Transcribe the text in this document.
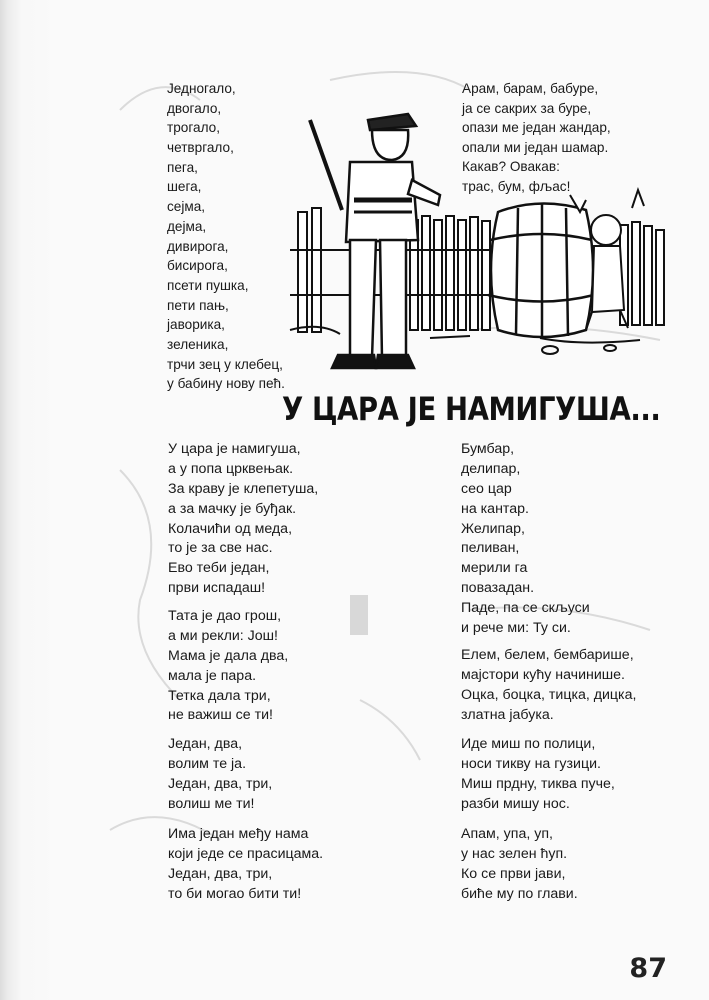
Једногало,
двогало,
трогало,
четвргало,
пега,
шега,
сејма,
дејма,
дивирога,
бисирога,
псети пушка,
пети пањ,
јаворика,
зеленика,
трчи зец у клебец,
у бабину нову пећ.
Арам, барам, бабуре,
ја се сакрих за буре,
опази ме један жандар,
опали ми један шамар.
Какав? Овакав:
трас, бум, фљас!
У ЦАРА ЈЕ НАМИГУША...
У цара је намигуша,
а у попа црквењак.
За краву је клепетуша,
а за мачку је буђак.
Колачићи од меда,
то је за све нас.
Ево теби један,
први испадаш!
Тата је дао грош,
а ми рекли: Још!
Мама је дала два,
мала је пара.
Тетка дала три,
не важиш се ти!
Један, два,
волим те ја.
Један, два, три,
волиш ме ти!
Има један међу нама
који једе се прасицама.
Један, два, три,
то би могао бити ти!
Бумбар,
делипар,
сео цар
на кантар.
Желипар,
пеливан,
мерили га
повазадан.
Паде, па се скљуси
и рече ми: Ту си.
Елем, белем, бембарише,
мајстори кућу начинише.
Оцка, боцка, тицка, дицка,
златна јабука.
Иде миш по полици,
носи тикву на гузици.
Миш прдну, тиква пуче,
разби мишу нос.
Апам, упа, уп,
у нас зелен ћуп.
Ко се први јави,
биће му по глави.
87
